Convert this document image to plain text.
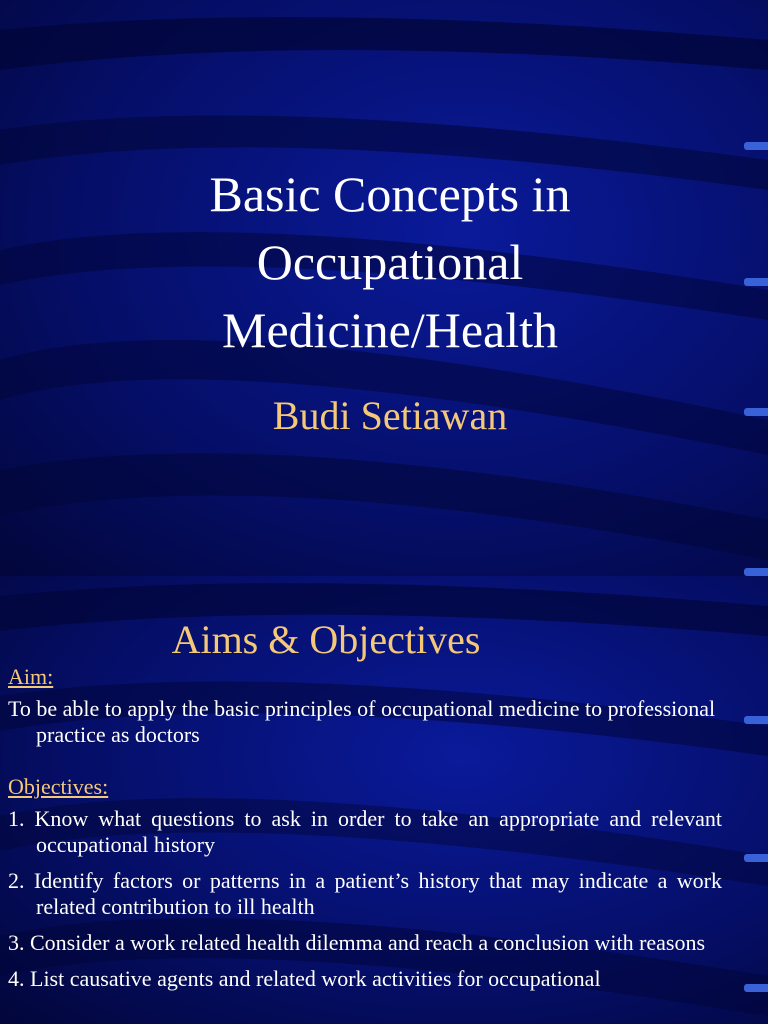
Basic Concepts in
Occupational
Medicine/Health
Budi Setiawan
Aims & Objectives
Aim:

To be able to apply the basic principles of occupational medicine to professional practice as doctors

Objectives:

1. Know what questions to ask in order to take an appropriate and relevant occupational history

2. Identify factors or patterns in a patient’s history that may indicate a work related contribution to ill health

3. Consider a work related health dilemma and reach a conclusion with reasons

4. List causative agents and related work activities for occupational
